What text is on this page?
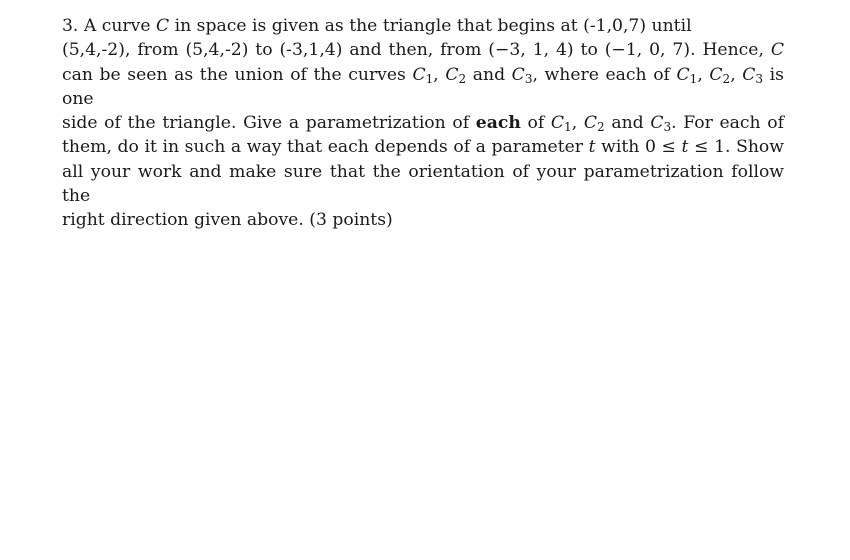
3. A curve C in space is given as the triangle that begins at (-1,0,7) until
(5,4,-2), from (5,4,-2) to (-3,1,4) and then, from (−3, 1, 4) to (−1, 0, 7). Hence, C
can be seen as the union of the curves $C_1$, $C_2$ and $C_3$, where each of $C_1$, $C_2$, $C_3$ is one
side of the triangle. Give a parametrization of each of $C_1$, $C_2$ and $C_3$. For each of
them, do it in such a way that each depends of a parameter t with 0 ≤ t ≤ 1. Show
all your work and make sure that the orientation of your parametrization follow the
right direction given above. (3 points)
